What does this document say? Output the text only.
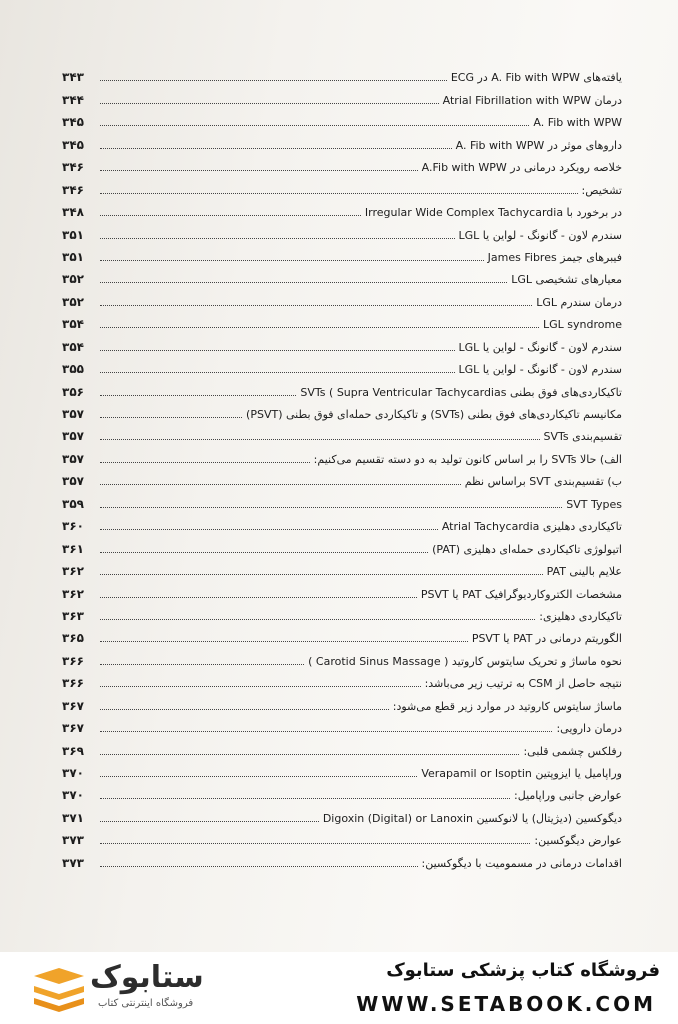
یافته‌های A. Fib with WPW در ECG
۳۴۳
درمان Atrial Fibrillation with WPW
۳۴۴
A. Fib with WPW
۳۴۵
داروهای موثر در A. Fib with WPW
۳۴۵
خلاصه رویکرد درمانی در A.Fib with WPW
۳۴۶
تشخیص:
۳۴۶
در برخورد با Irregular Wide Complex Tachycardia
۳۴۸
سندرم لاون - گانونگ - لواین یا LGL
۳۵۱
فیبرهای جیمز James Fibres
۳۵۱
معیارهای تشخیصی LGL
۳۵۲
درمان سندرم LGL
۳۵۲
LGL syndrome
۳۵۴
سندرم لاون - گانونگ - لواین یا LGL
۳۵۴
سندرم لاون - گانونگ - لواین یا LGL
۳۵۵
تاکیکاردی‌های فوق بطنی SVTs ( Supra Ventricular Tachycardias
۳۵۶
مکانیسم تاکیکاردی‌های فوق بطنی (SVTs) و تاکیکاردی حمله‌ای فوق بطنی (PSVT)
۳۵۷
تقسیم‌بندی SVTs
۳۵۷
الف) حالا SVTs را بر اساس کانون تولید به دو دسته تقسیم می‌کنیم:
۳۵۷
ب) تقسیم‌بندی SVT براساس نظم
۳۵۷
SVT Types
۳۵۹
تاکیکاردی دهلیزی Atrial Tachycardia
۳۶۰
اتیولوژی تاکیکاردی حمله‌ای دهلیزی (PAT)
۳۶۱
علایم بالینی PAT
۳۶۲
مشخصات الکتروکاردیوگرافیک PAT یا PSVT
۳۶۲
تاکیکاردی دهلیزی:
۳۶۳
الگوریتم درمانی در PAT یا PSVT
۳۶۵
نحوه ماساژ و تحریک سایتوس کاروتید ( Carotid Sinus Massage )
۳۶۶
نتیجه حاصل از CSM به ترتیب زیر می‌باشد:
۳۶۶
ماساژ سایتوس کاروتید در موارد زیر قطع می‌شود:
۳۶۷
درمان دارویی:
۳۶۷
رفلکس چشمی قلبی:
۳۶۹
وراپامیل یا ایزوپتین Verapamil or Isoptin
۳۷۰
عوارض جانبی وراپامیل:
۳۷۰
دیگوکسین (دیژیتال) یا لانوکسین Digoxin (Digital) or Lanoxin
۳۷۱
عوارض دیگوکسین:
۳۷۳
اقدامات درمانی در مسمومیت با دیگوکسین:
۳۷۳
ستابوک
فروشگاه اینترنتی کتاب
فروشگاه کتاب پزشکی ستابوک
WWW.SETABOOK.COM
